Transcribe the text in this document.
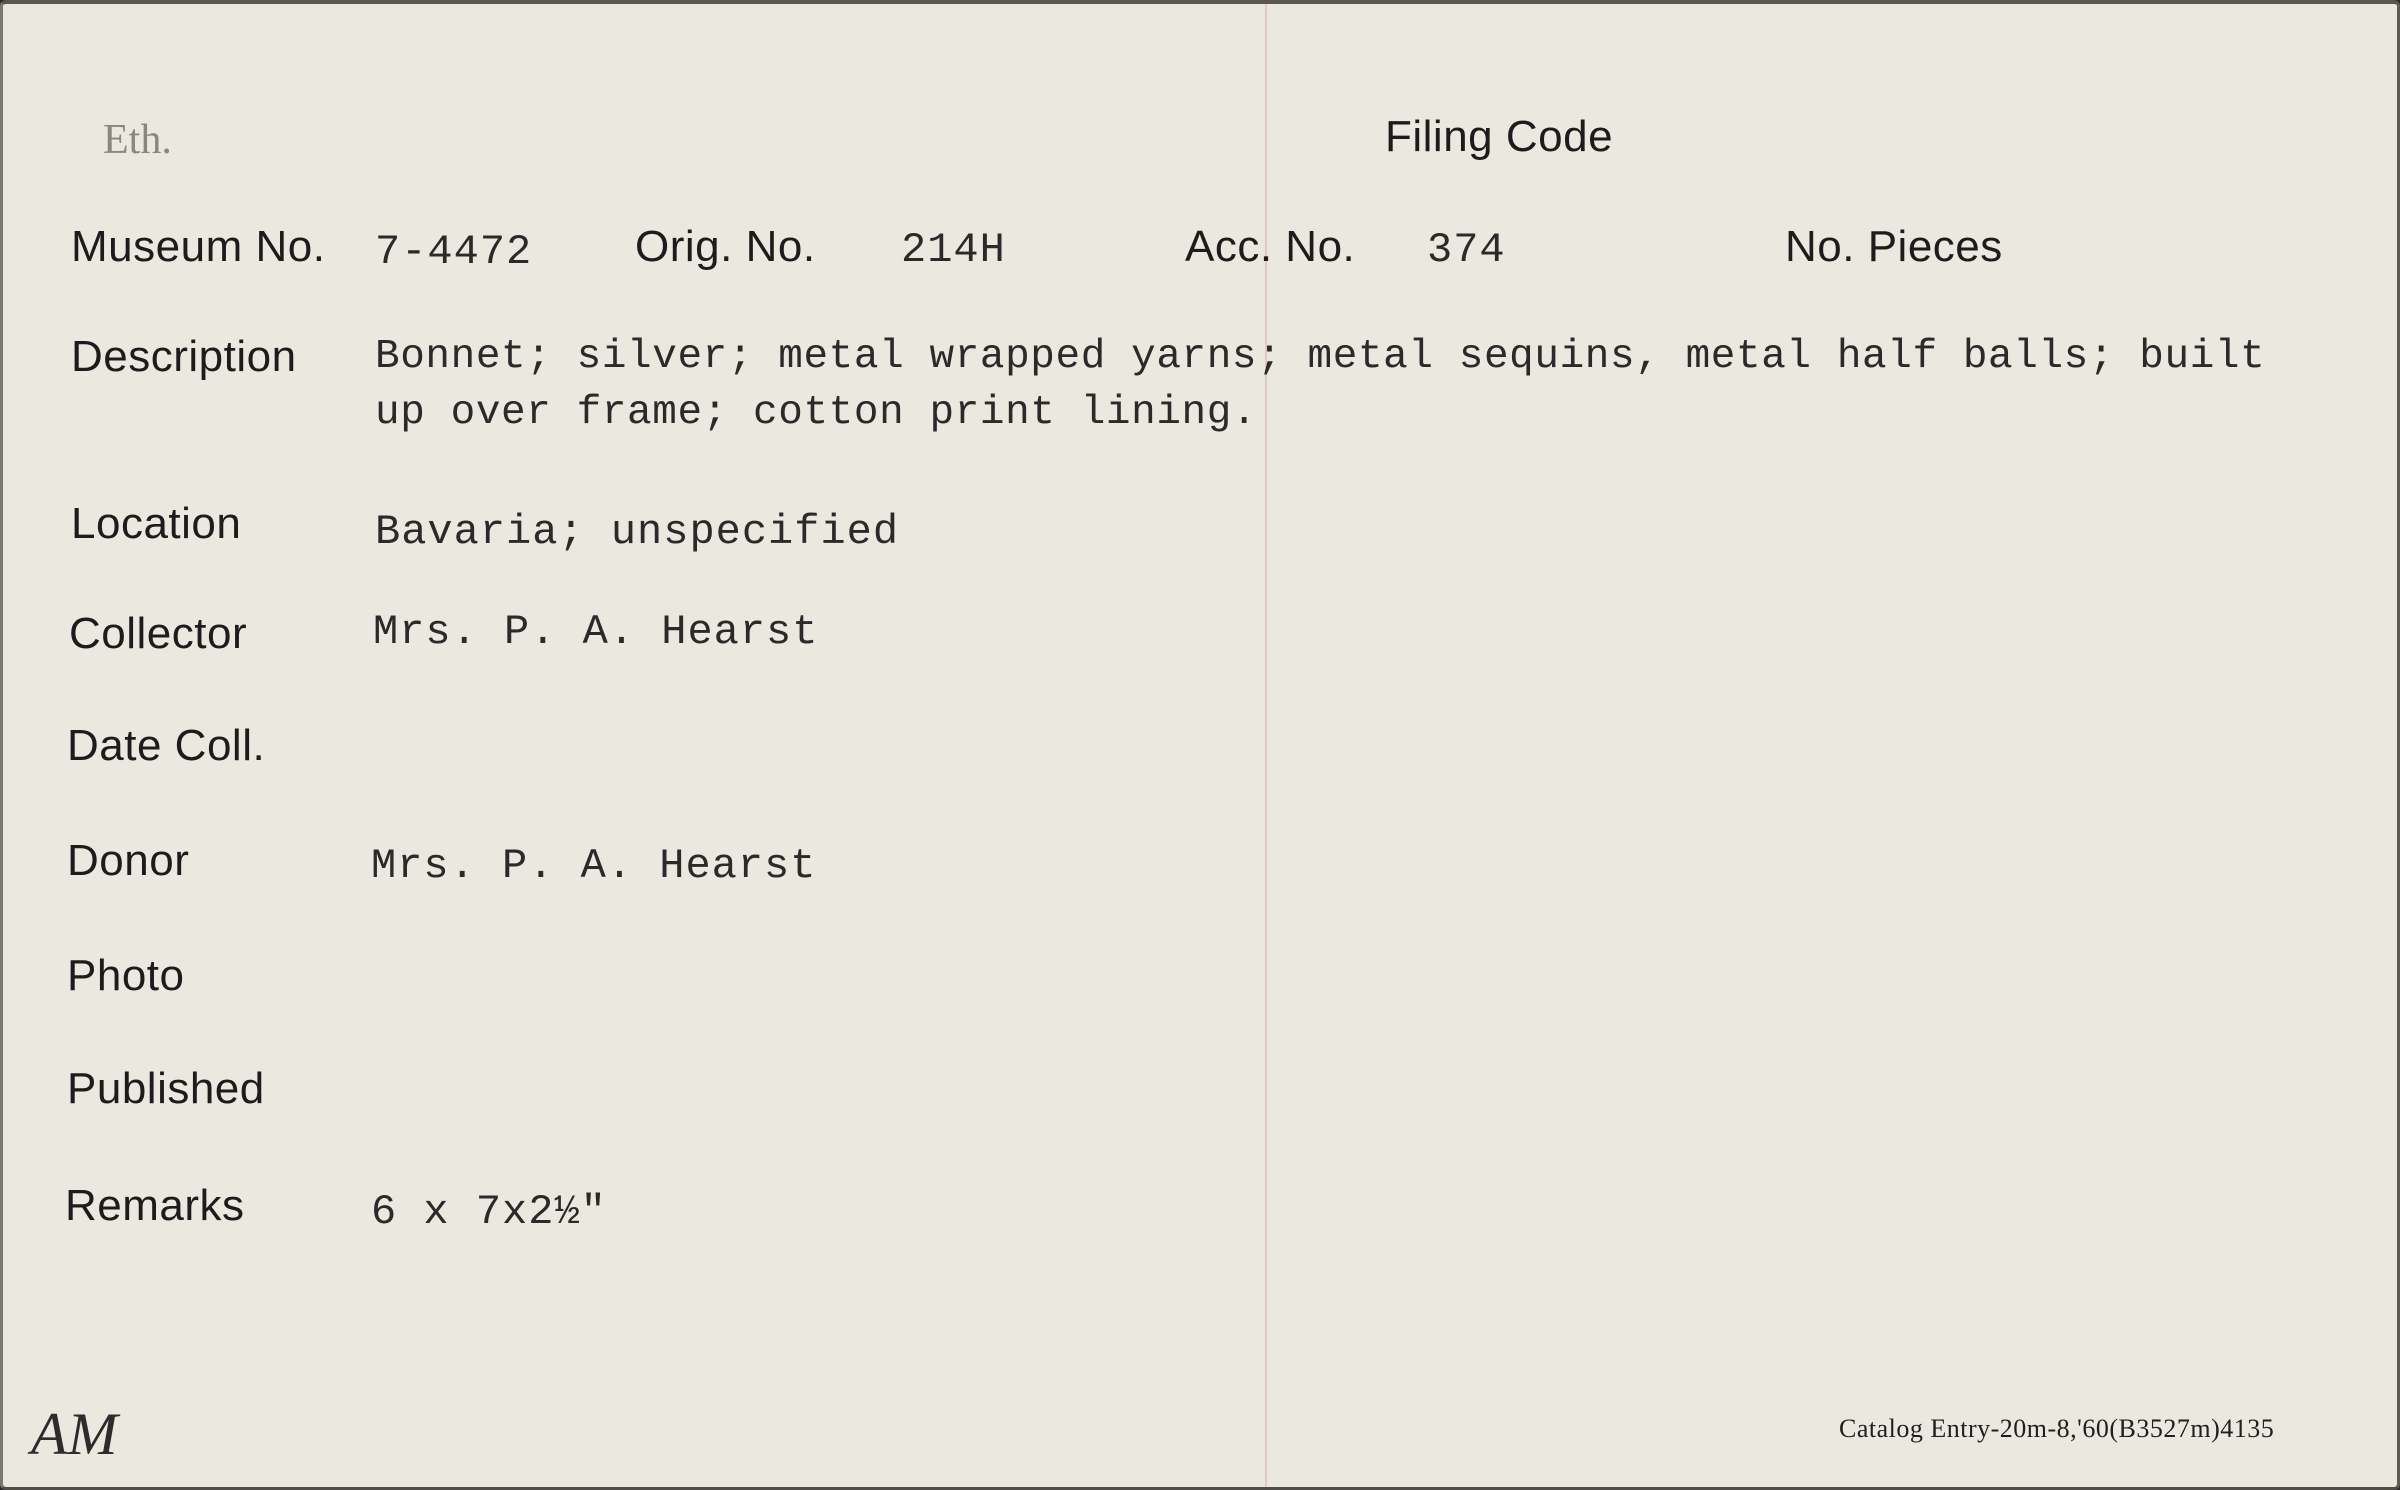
Eth.	Filing Code
Museum No. 7-4472 Orig. No. 214H	Acc. No. 374	No. Pieces
Description Bonnet; silver; metal wrapped yarns; metal sequins, metal half balls; built
up over frame; cotton print lining.
Location	Bavaria; unspecified
Collector	Mrs. P. A. Hearst
Date Coll.
Donor	Mrs. P. A. Hearst
Photo
Published
Remarks	6 x 7x2½"
AM	Catalog Entry-20m-8,'60(B3527m)4135
